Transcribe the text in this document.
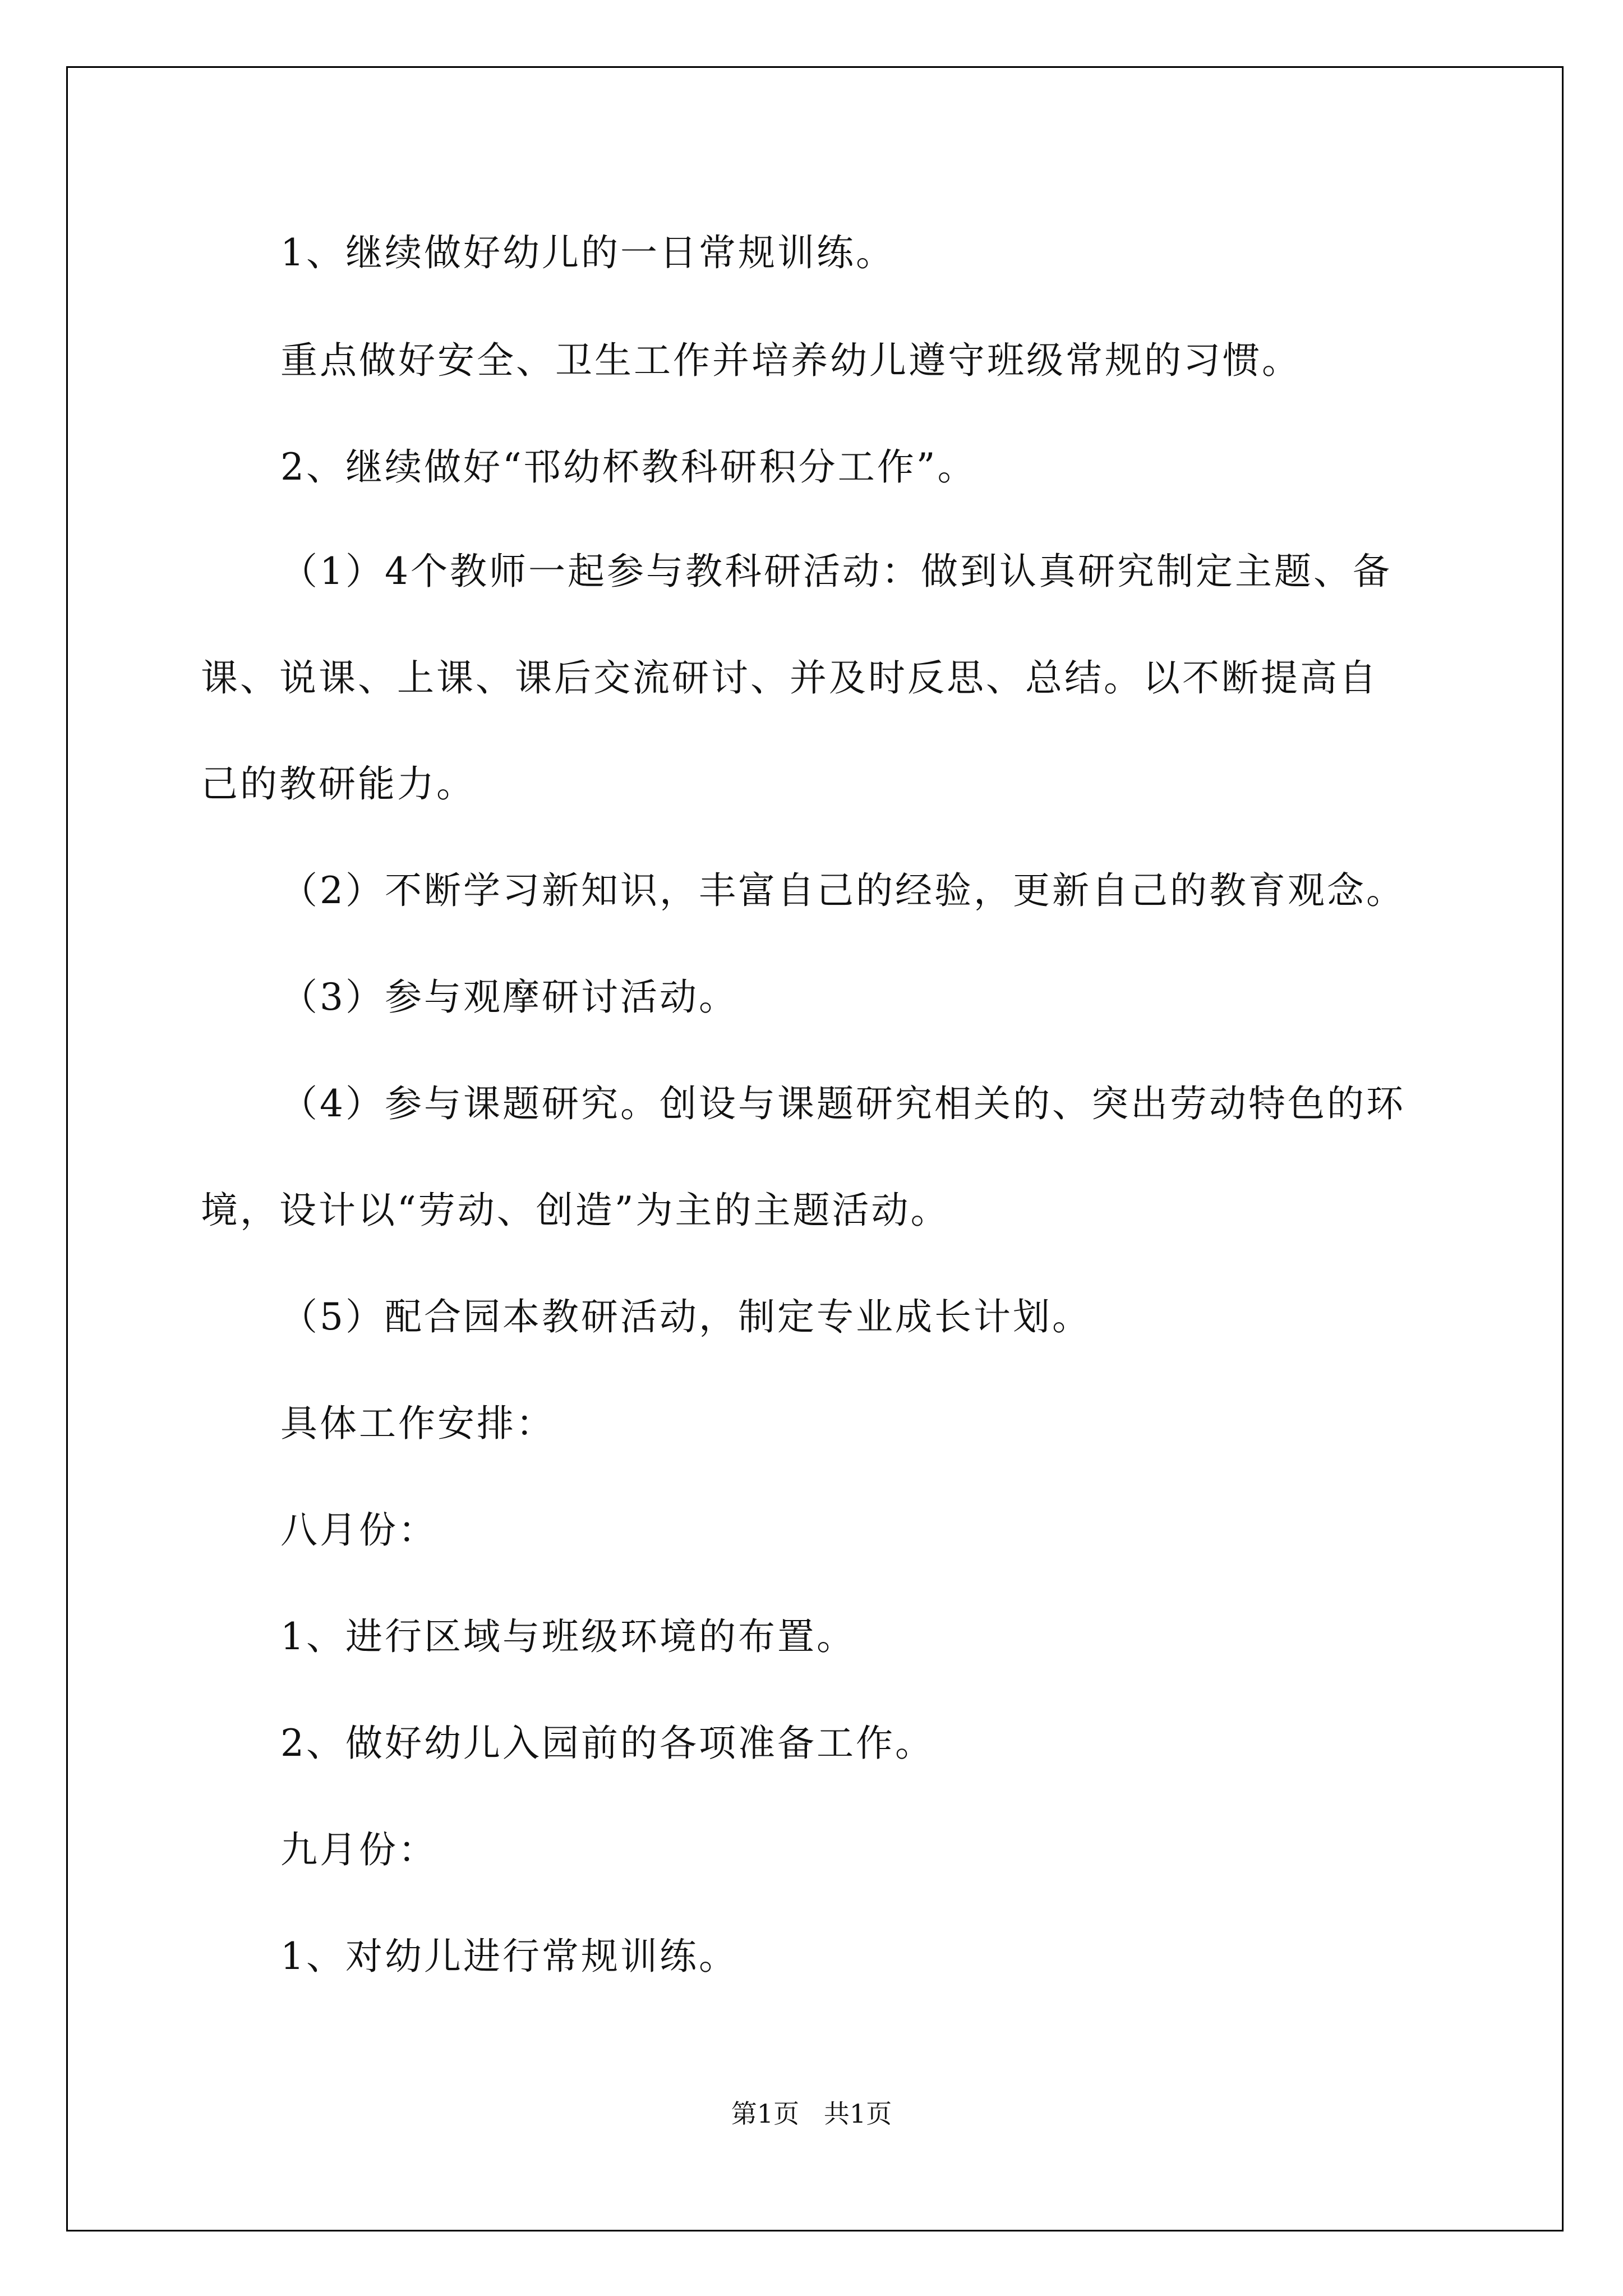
1、继续做好幼儿的一日常规训练。

重点做好安全、卫生工作并培养幼儿遵守班级常规的习惯。

2、继续做好“邗幼杯教科研积分工作”。

（1）4个教师一起参与教科研活动：做到认真研究制定主题、备

课、说课、上课、课后交流研讨、并及时反思、总结。以不断提高自

己的教研能力。

（2）不断学习新知识，丰富自己的经验，更新自己的教育观念。

（3）参与观摩研讨活动。

（4）参与课题研究。创设与课题研究相关的、突出劳动特色的环

境，设计以“劳动、创造”为主的主题活动。

（5）配合园本教研活动，制定专业成长计划。

具体工作安排：

八月份：

1、进行区域与班级环境的布置。

2、做好幼儿入园前的各项准备工作。

九月份：

1、对幼儿进行常规训练。

第1页   共1页
